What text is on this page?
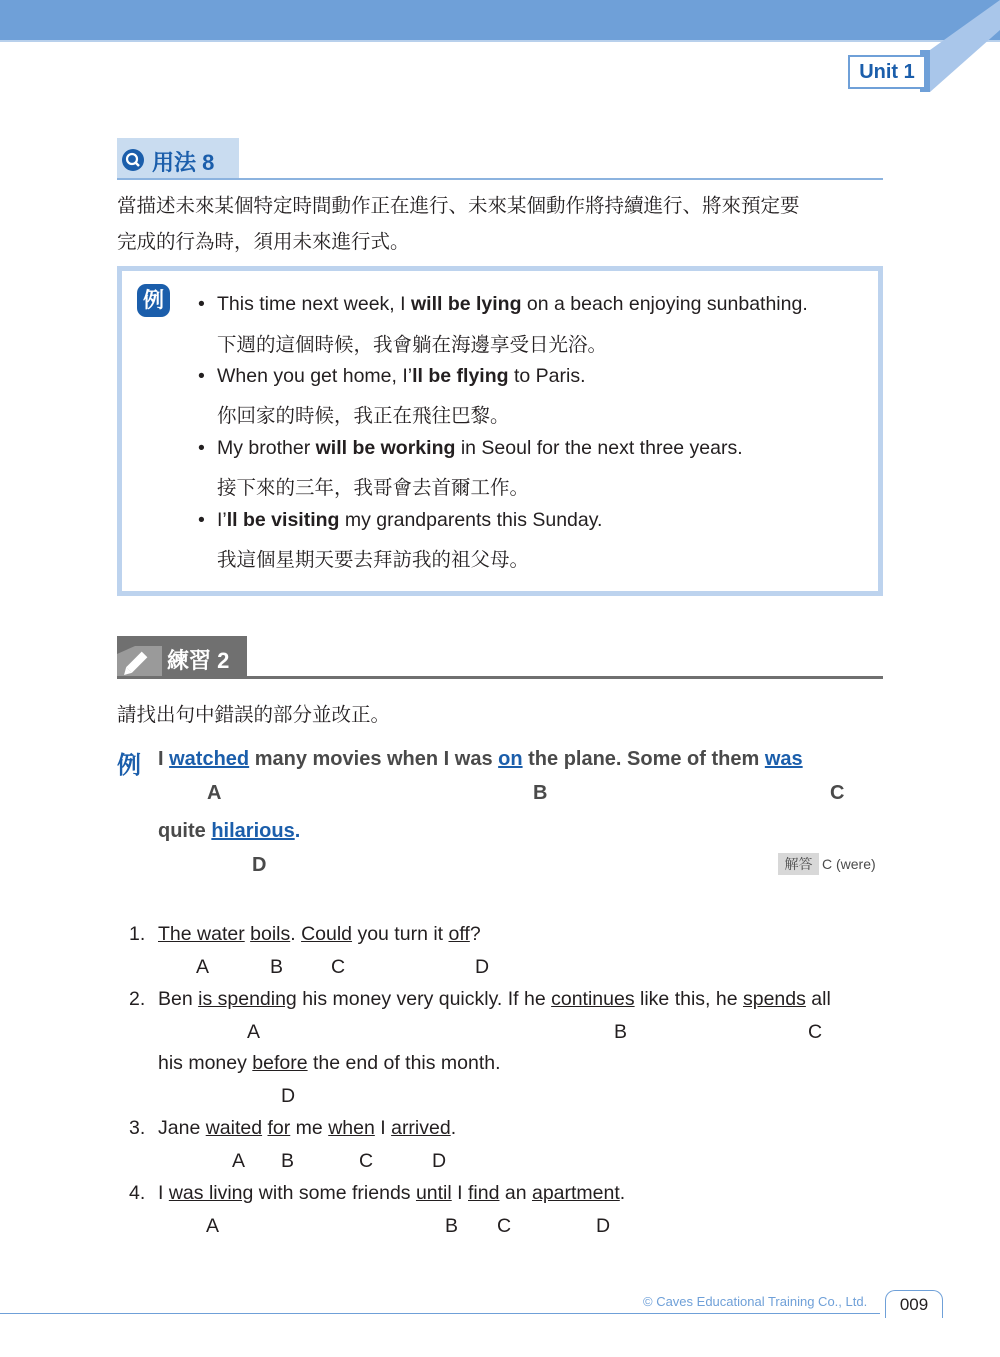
Unit 1
用法 8
當描述未來某個特定時間動作正在進行、未來某個動作將持續進行、將來預定要
完成的行為時，須用未來進行式。
例	• This time next week, I will be lying on a beach enjoying sunbathing.
下週的這個時候，我會躺在海邊享受日光浴。
• When you get home, I’ll be flying to Paris.
你回家的時候，我正在飛往巴黎。
• My brother will be working in Seoul for the next three years.
接下來的三年，我哥會去首爾工作。
• I’ll be visiting my grandparents this Sunday.
我這個星期天要去拜訪我的祖父母。
練習 2
請找出句中錯誤的部分並改正。
例 I watched many movies when I was on the plane. Some of them was
A	B	C
quite hilarious.
D	解答 C (were)
1. The water boils. Could you turn it off?
A	B C	D
2. Ben is spending his money very quickly. If he continues like this, he spends all
A	B	C
his money before the end of this month.
D
3. Jane waited for me when I arrived.
A B	C	D
4. I was living with some friends until I find an apartment.
A	B C	D
© Caves Educational Training Co., Ltd.	009
